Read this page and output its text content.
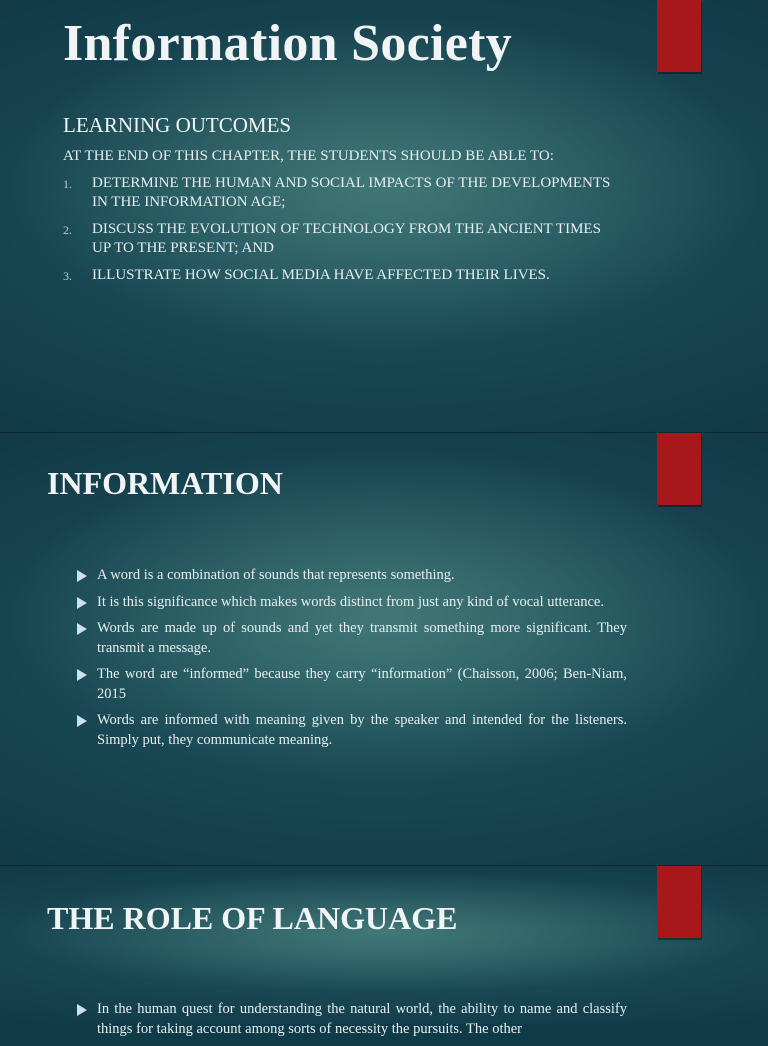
Information Society
LEARNING OUTCOMES

AT THE END OF THIS CHAPTER, THE STUDENTS SHOULD BE ABLE TO:

1.	DETERMINE THE HUMAN AND SOCIAL IMPACTS OF THE DEVELOPMENTS IN THE INFORMATION AGE;
2.	DISCUSS THE EVOLUTION OF TECHNOLOGY FROM THE ANCIENT TIMES UP TO THE PRESENT; AND
3.	ILLUSTRATE HOW SOCIAL MEDIA HAVE AFFECTED THEIR LIVES.
INFORMATION
A word is a combination of sounds that represents something.
It is this significance which makes words distinct from just any kind of vocal utterance.
Words are made up of sounds and yet they transmit something more significant. They transmit a message.
The word are “informed” because they carry “information” (Chaisson, 2006; Ben-Niam, 2015
Words are informed with meaning given by the speaker and intended for the listeners. Simply put, they communicate meaning.
THE ROLE OF LANGUAGE
In the human quest for understanding the natural world, the ability to name and classify things for taking account among sorts of necessity the pursuits. The other
